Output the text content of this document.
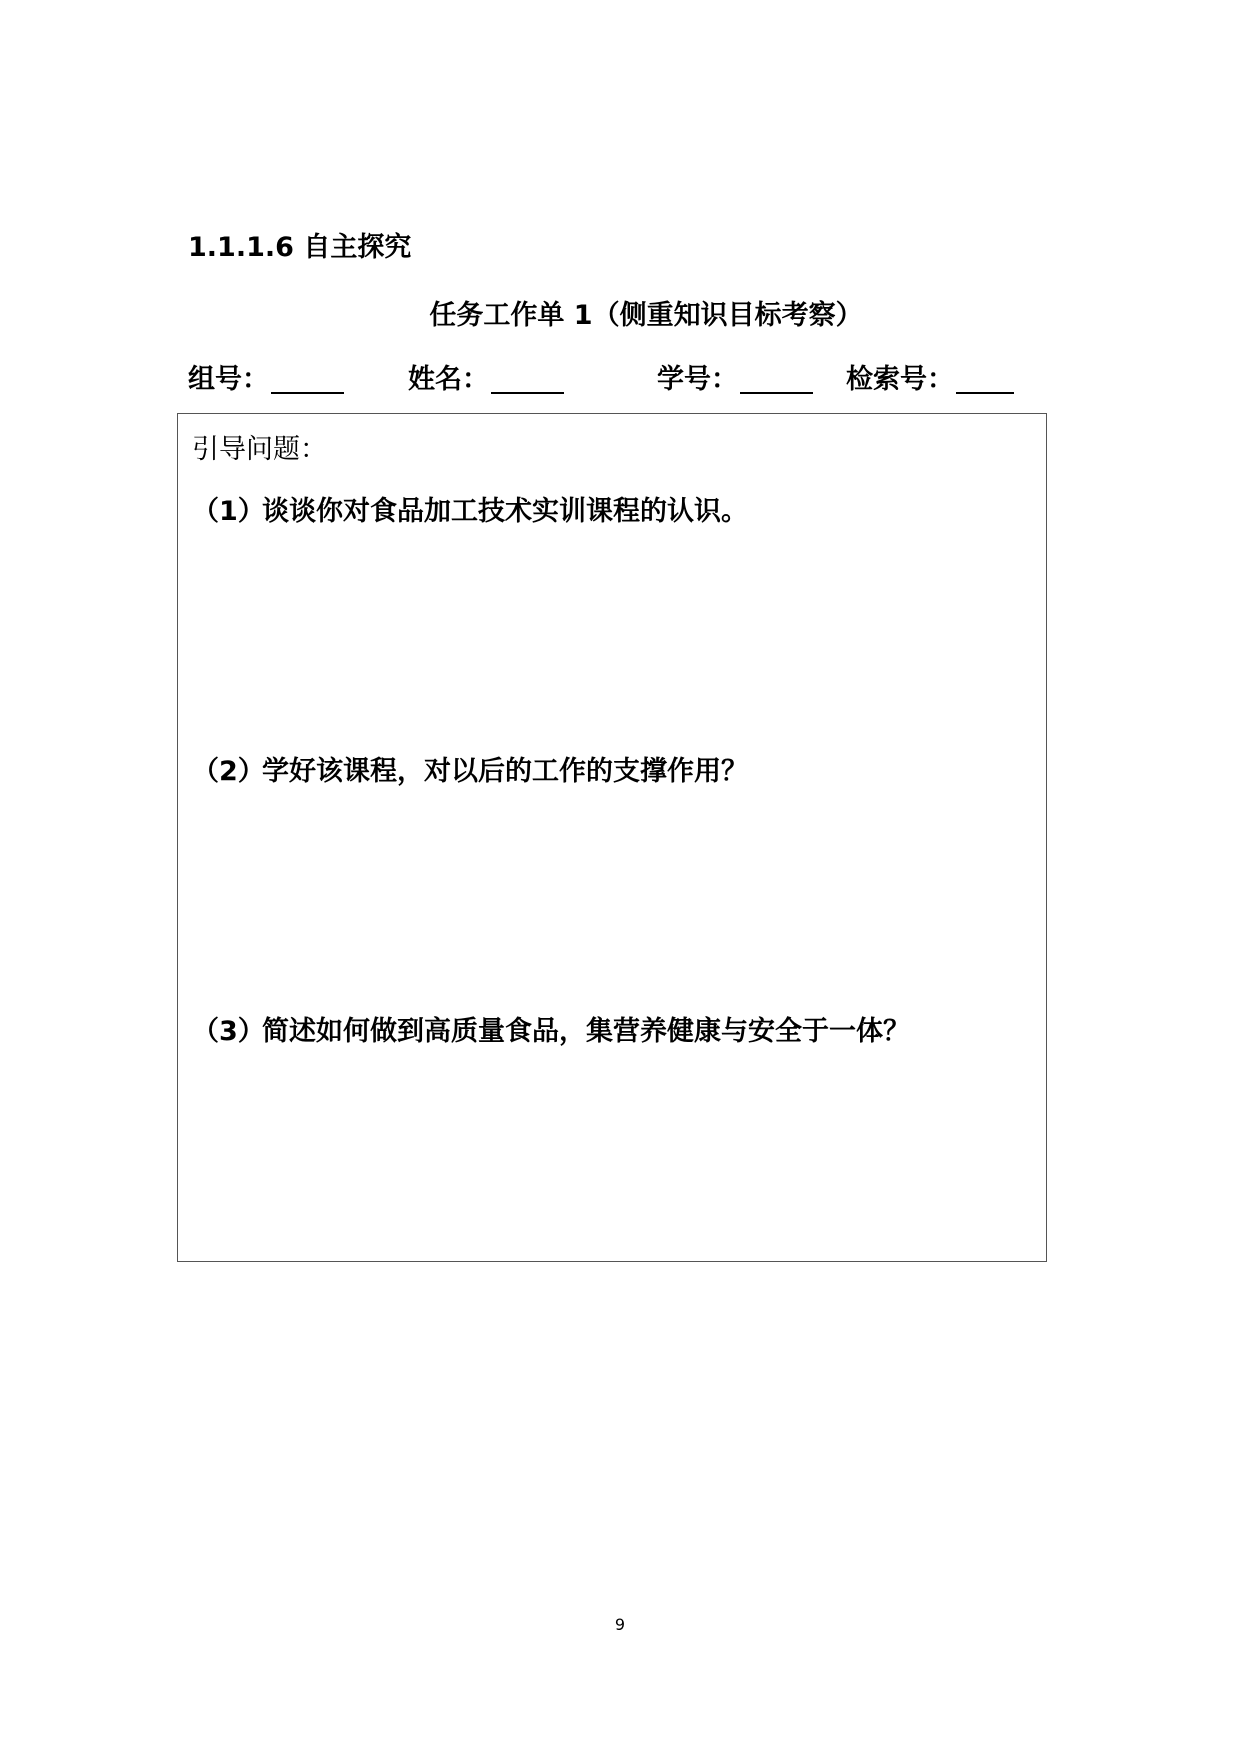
1.1.1.6 自主探究
任务工作单 1（侧重知识目标考察）
组号：	姓名：	学号：	检索号：
引导问题：
（1）谈谈你对食品加工技术实训课程的认识。
（2）学好该课程，对以后的工作的支撑作用？
（3）简述如何做到高质量食品，集营养健康与安全于一体？
9
